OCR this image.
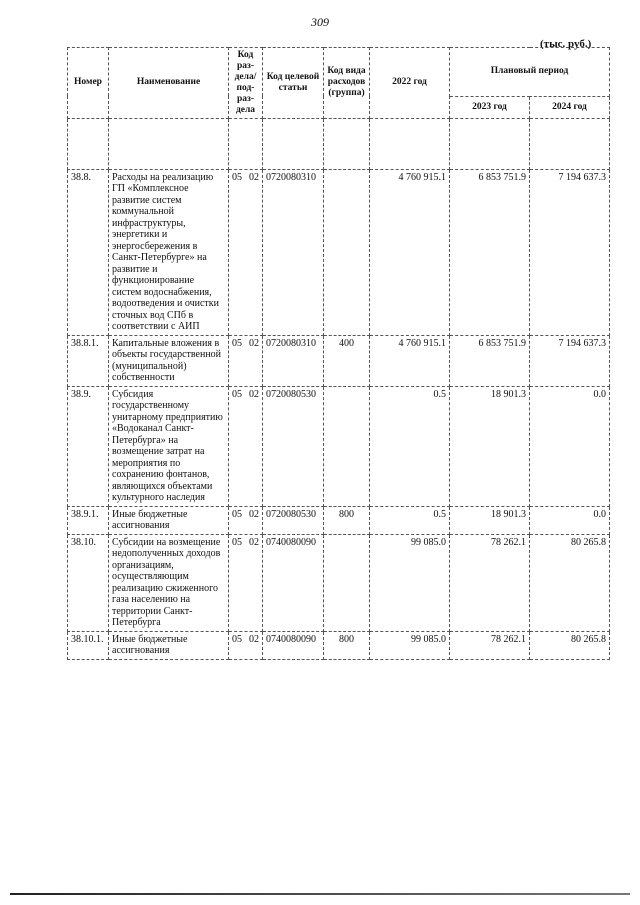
309
(тыс. руб.)
Номер	Наименование	Код раз- дела/ под- раз- дела	Код целевой статьи	Код вида расходов (группа)	2022 год	Плановый период	
						2023 год	2024 год

38.8.	Расходы на реализацию ГП «Комплексное развитие систем коммунальной инфраструктуры, энергетики и энергосбережения в Санкт-Петербурге» на развитие и функционирование систем водоснабжения, водоотведения и очистки сточных вод СПб в соответствии с АИП	05 02	0720080310		4 760 915.1	6 853 751.9	7 194 637.3
38.8.1.	Капитальные вложения в объекты государственной (муниципальной) собственности	05 02	0720080310	400	4 760 915.1	6 853 751.9	7 194 637.3
38.9.	Субсидия государственному унитарному предприятию «Водоканал Санкт-Петербурга» на возмещение затрат на мероприятия по сохранению фонтанов, являющихся объектами культурного наследия	05 02	0720080530		0.5	18 901.3	0.0
38.9.1.	Иные бюджетные ассигнования	05 02	0720080530	800	0.5	18 901.3	0.0
38.10.	Субсидии на возмещение недополученных доходов организациям, осуществляющим реализацию сжиженного газа населению на территории Санкт-Петербурга	05 02	0740080090		99 085.0	78 262.1	80 265.8
38.10.1.	Иные бюджетные ассигнования	05 02	0740080090	800	99 085.0	78 262.1	80 265.8
